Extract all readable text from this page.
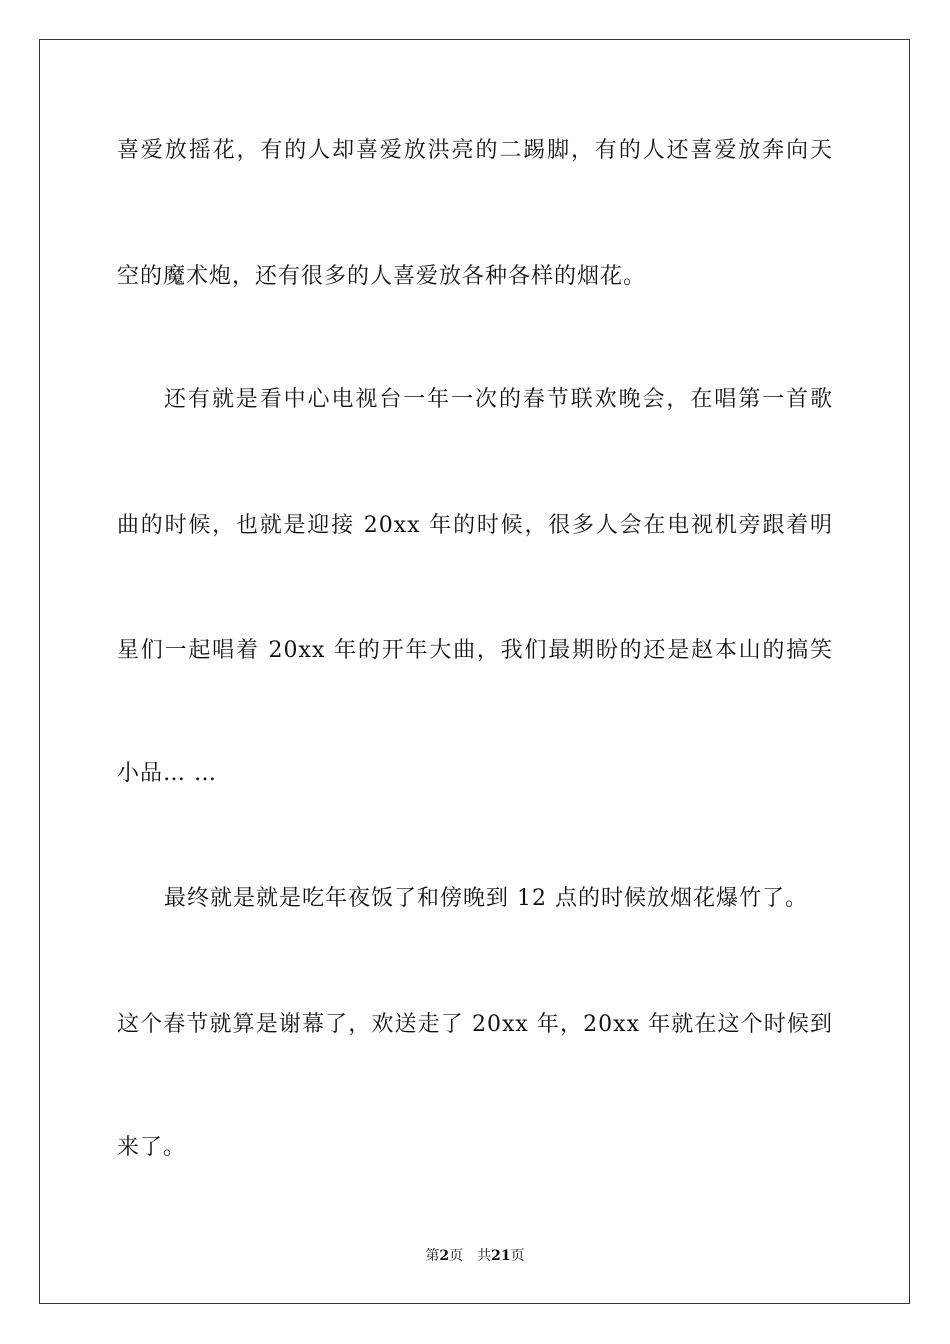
喜爱放摇花，有的人却喜爱放洪亮的二踢脚，有的人还喜爱放奔向天

空的魔术炮，还有很多的人喜爱放各种各样的烟花。

还有就是看中心电视台一年一次的春节联欢晚会，在唱第一首歌

曲的时候，也就是迎接 20xx 年的时候，很多人会在电视机旁跟着明

星们一起唱着 20xx 年的开年大曲，我们最期盼的还是赵本山的搞笑

小品… …

最终就是就是吃年夜饭了和傍晚到 12 点的时候放烟花爆竹了。

这个春节就算是谢幕了，欢送走了 20xx 年，20xx 年就在这个时候到

来了。

第2页 共21页
